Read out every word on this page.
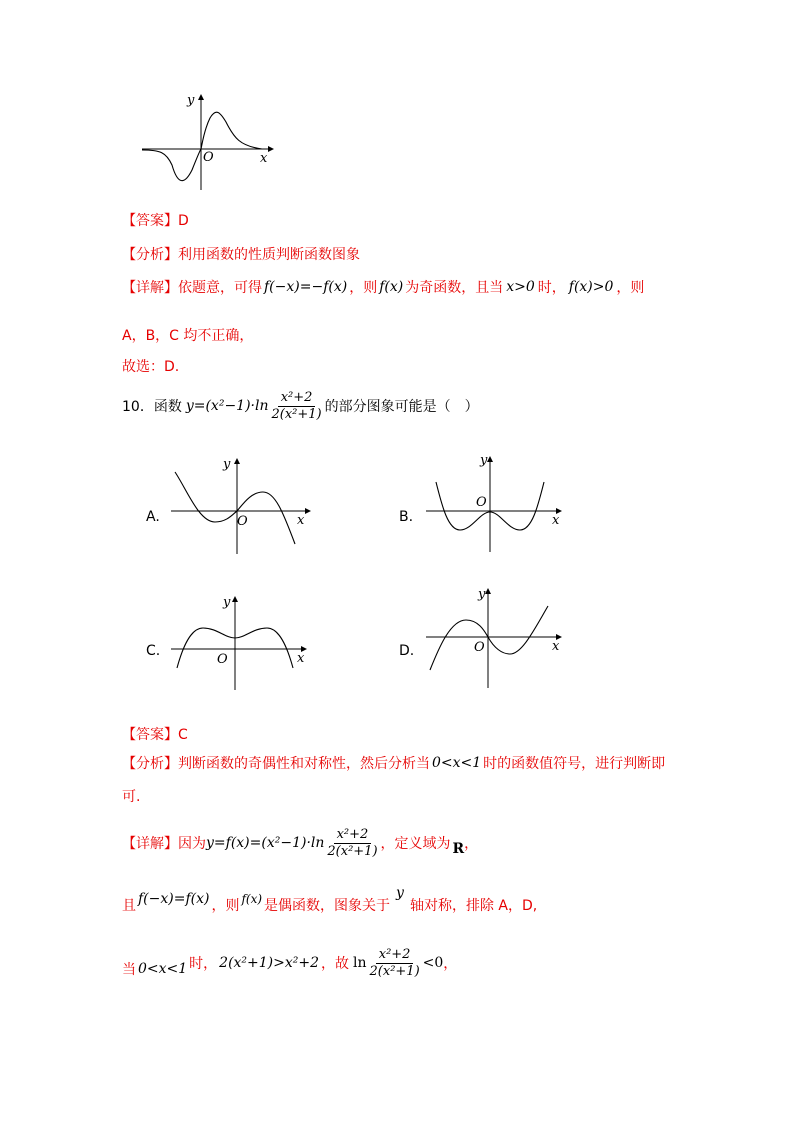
y
x
O
【答案】D
【分析】利用函数的性质判断函数图象
【详解】依题意，可得 f(−x)=−f(x) ，则 f(x) 为奇函数，且当 x>0 时， f(x)>0 ，则
A，B，C 均不正确，
故选：D.
10．函数 $y=(x^2-1)\cdot\ln \frac{\text{x²+2}}{\text{2(x²+1)}}$ 的部分图象可能是（　）
A.
y
x
O	B.
y
x
O
C.
y
x
O
D.
y
x
O
【答案】C
【分析】判断函数的奇偶性和对称性，然后分析当 0<x<1 时的函数值符号，进行判断即
可.
【详解】因为 $y=f(x)=(x^2-1)\cdot\ln \frac{\text{x²+2}}{\text{2(x²+1)}}$ ，定义域为 R ，
且 f(−x)=f(x) ，则 f(x) 是偶函数，图象关于
y
轴对称，排除 A，D,
当 0<x<1 时， 2(x²+1)>x²+2 ，故 $\ln \frac{\text{x²+2}}{\text{2(x²+1)}} <0$ ，
